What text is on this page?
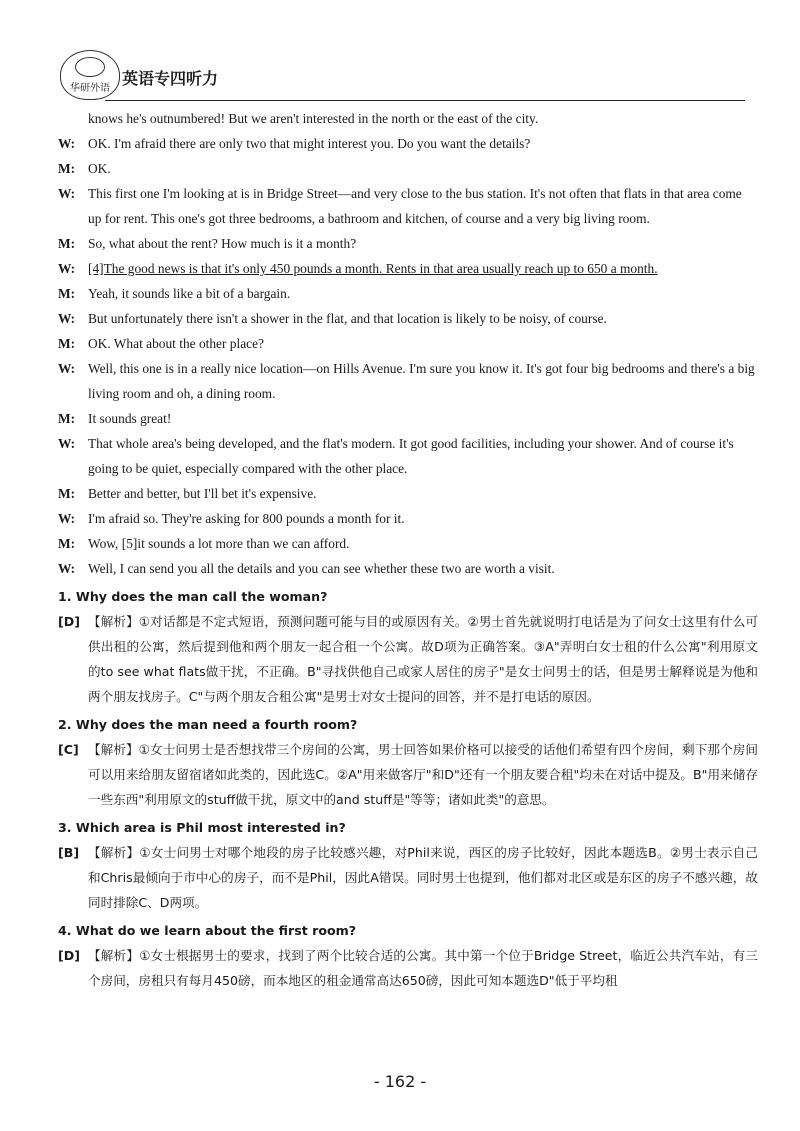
华研外语
英语专四听力

knows he's outnumbered! But we aren't interested in the north or the east of the city.

W: OK. I'm afraid there are only two that might interest you. Do you want the details?

M: OK.

W: This first one I'm looking at is in Bridge Street—and very close to the bus station. It's not often that flats in that area come up for rent. This one's got three bedrooms, a bathroom and kitchen, of course and a very big living room.

M: So, what about the rent? How much is it a month?

W: [4]The good news is that it's only 450 pounds a month. Rents in that area usually reach up to 650 a month.

M: Yeah, it sounds like a bit of a bargain.

W: But unfortunately there isn't a shower in the flat, and that location is likely to be noisy, of course.

M: OK. What about the other place?

W: Well, this one is in a really nice location—on Hills Avenue. I'm sure you know it. It's got four big bedrooms and there's a big living room and oh, a dining room.

M: It sounds great!

W: That whole area's being developed, and the flat's modern. It got good facilities, including your shower. And of course it's going to be quiet, especially compared with the other place.

M: Better and better, but I'll bet it's expensive.

W: I'm afraid so. They're asking for 800 pounds a month for it.

M: Wow, [5]it sounds a lot more than we can afford.

W: Well, I can send you all the details and you can see whether these two are worth a visit.

1. Why does the man call the woman?
[D] 【解析】①对话都是不定式短语，预测问题可能与目的或原因有关。②男士首先就说明打电话是为了问女士这里有什么可供出租的公寓，然后提到他和两个朋友一起合租一个公寓。故D项为正确答案。③A"弄明白女士租的什么公寓"利用原文的to see what flats做干扰，不正确。B"寻找供他自己或家人居住的房子"是女士问男士的话，但是男士解释说是为他和两个朋友找房子。C"与两个朋友合租公寓"是男士对女士提问的回答，并不是打电话的原因。
2. Why does the man need a fourth room?
[C] 【解析】①女士问男士是否想找带三个房间的公寓，男士回答如果价格可以接受的话他们希望有四个房间，剩下那个房间可以用来给朋友留宿诸如此类的，因此选C。②A"用来做客厅"和D"还有一个朋友要合租"均未在对话中提及。B"用来储存一些东西"利用原文的stuff做干扰，原文中的and stuff是"等等；诸如此类"的意思。
3. Which area is Phil most interested in?
[B] 【解析】①女士问男士对哪个地段的房子比较感兴趣，对Phil来说，西区的房子比较好，因此本题选B。②男士表示自己和Chris最倾向于市中心的房子，而不是Phil，因此A错误。同时男士也提到，他们都对北区或是东区的房子不感兴趣，故同时排除C、D两项。
4. What do we learn about the first room?
[D] 【解析】①女士根据男士的要求，找到了两个比较合适的公寓。其中第一个位于Bridge Street，临近公共汽车站，有三个房间，房租只有每月450磅，而本地区的租金通常高达650磅，因此可知本题选D"低于平均租
- 162 -
